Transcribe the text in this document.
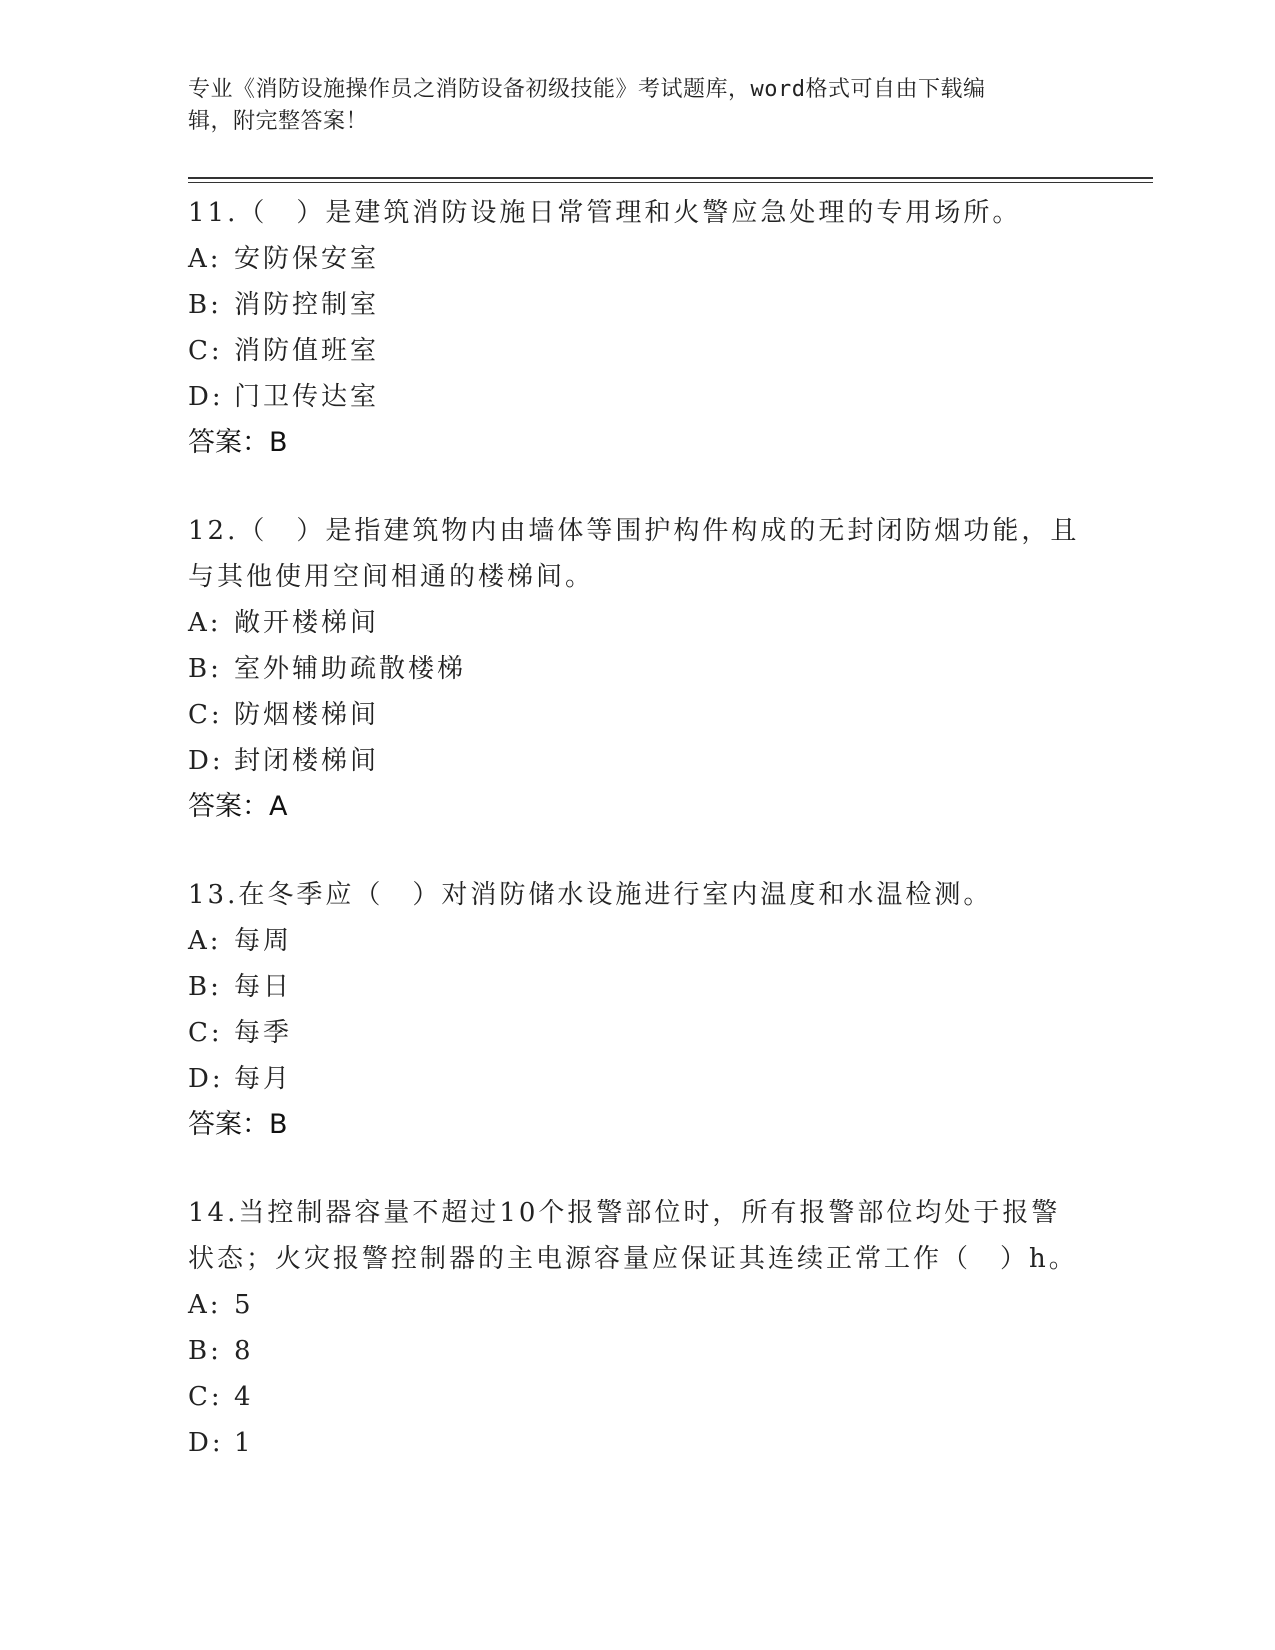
专业《消防设施操作员之消防设备初级技能》考试题库，word格式可自由下载编
辑，附完整答案！

11.（　）是建筑消防设施日常管理和火警应急处理的专用场所。

A: 安防保安室

B: 消防控制室

C: 消防值班室

D: 门卫传达室

答案：B

12.（　）是指建筑物内由墙体等围护构件构成的无封闭防烟功能，且

与其他使用空间相通的楼梯间。

A: 敞开楼梯间

B: 室外辅助疏散楼梯

C: 防烟楼梯间

D: 封闭楼梯间

答案：A

13.在冬季应（　）对消防储水设施进行室内温度和水温检测。

A: 每周

B: 每日

C: 每季

D: 每月

答案：B

14.当控制器容量不超过10个报警部位时，所有报警部位均处于报警

状态；火灾报警控制器的主电源容量应保证其连续正常工作（　）h。

A: 5

B: 8

C: 4

D: 1
